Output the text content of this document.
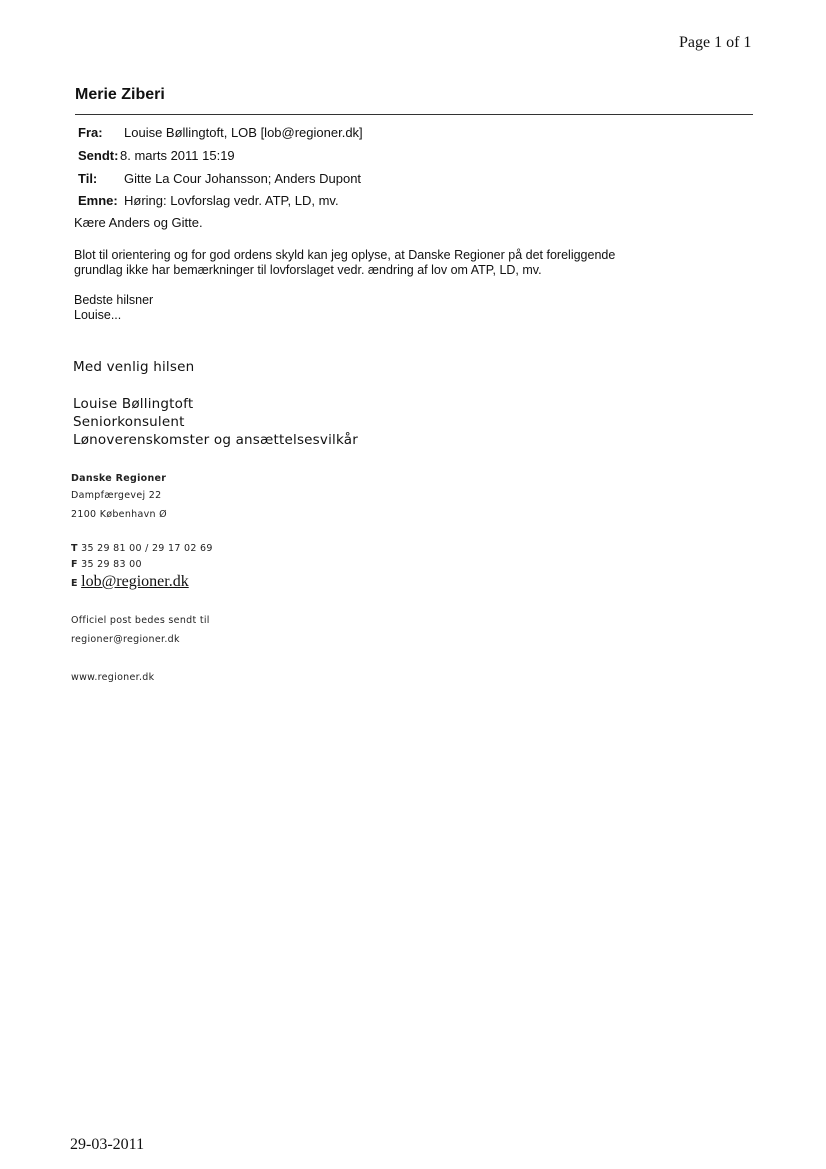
Page 1 of 1
Merie Ziberi
Fra: Louise Bøllingtoft, LOB [lob@regioner.dk]
Sendt: 8. marts 2011 15:19
Til: Gitte La Cour Johansson; Anders Dupont
Emne: Høring: Lovforslag vedr. ATP, LD, mv.
Kære Anders og Gitte.
Blot til orientering og for god ordens skyld kan jeg oplyse, at Danske Regioner på det foreliggende
grundlag ikke har bemærkninger til lovforslaget vedr. ændring af lov om ATP, LD, mv.
Bedste hilsner
Louise...
Med venlig hilsen
Louise Bøllingtoft
Seniorkonsulent
Lønoverenskomster og ansættelsesvilkår
Danske Regioner
Dampfærgevej 22
2100 København Ø
T 35 29 81 00 / 29 17 02 69
F 35 29 83 00
E lob@regioner.dk
Officiel post bedes sendt til
regioner@regioner.dk
www.regioner.dk
29-03-2011
